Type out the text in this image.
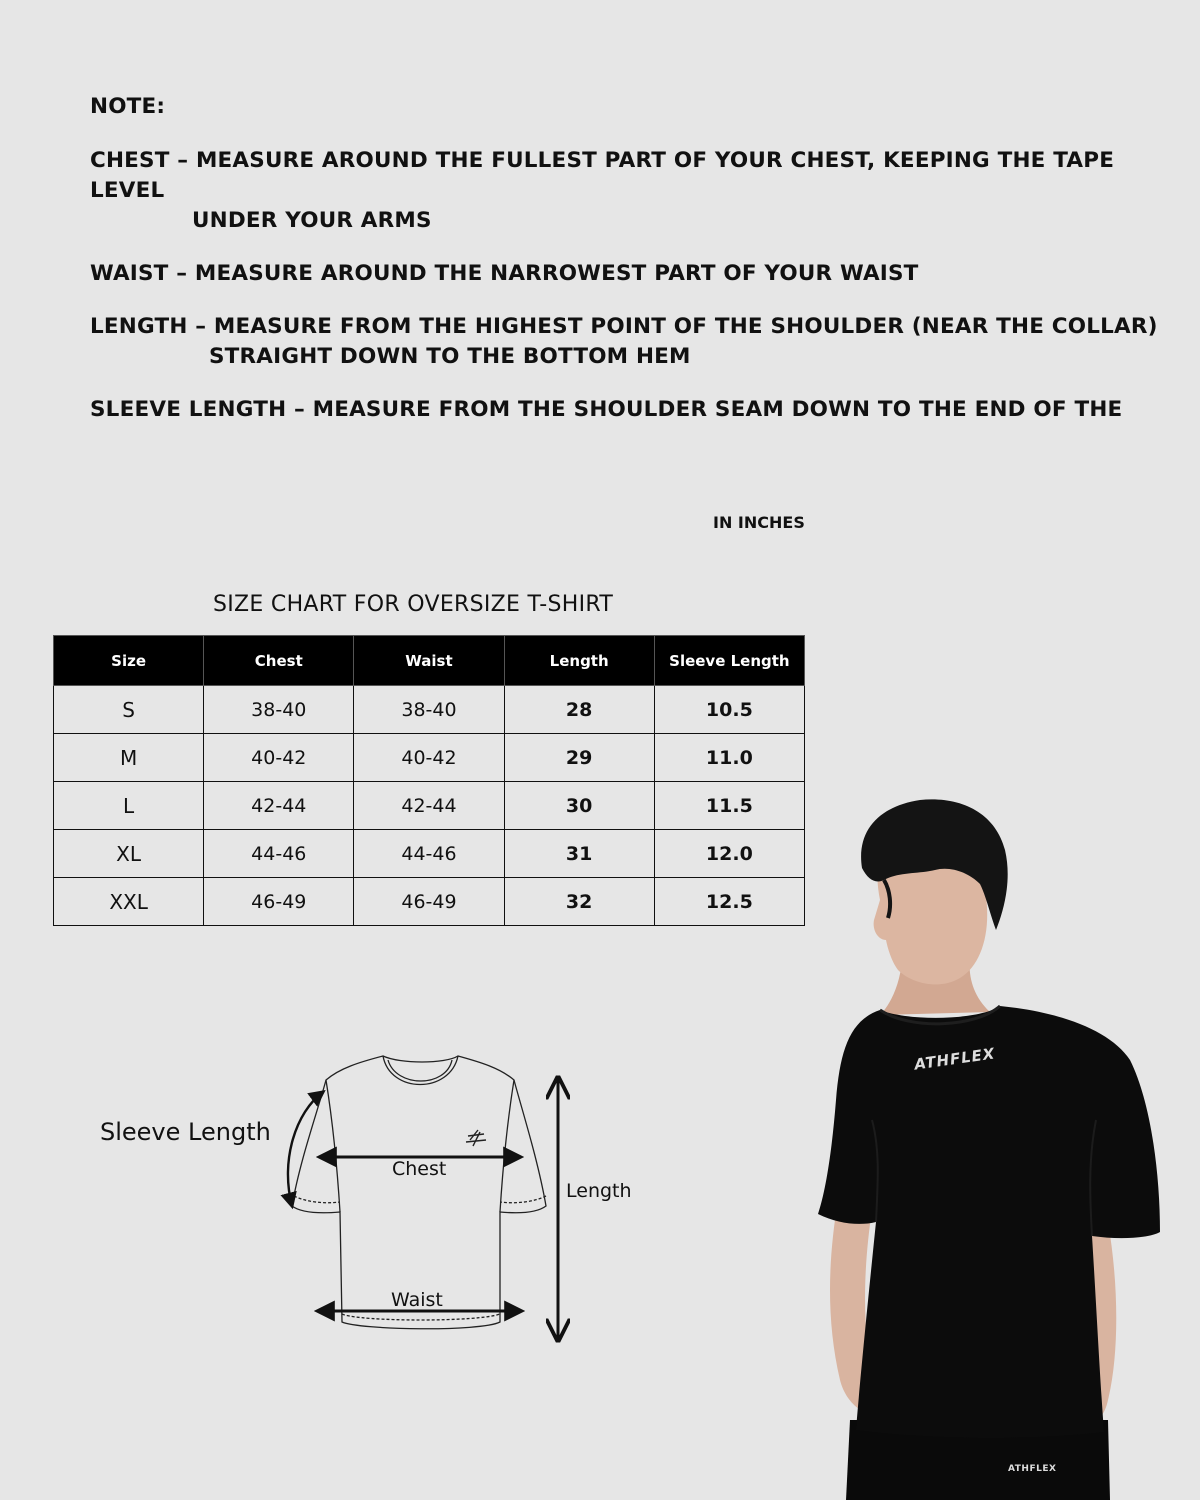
NOTE:
CHEST – MEASURE AROUND THE FULLEST PART OF YOUR CHEST, KEEPING THE TAPE LEVEL
UNDER YOUR ARMS
WAIST – MEASURE AROUND THE NARROWEST PART OF YOUR WAIST
LENGTH – MEASURE FROM THE HIGHEST POINT OF THE SHOULDER (NEAR THE COLLAR)
STRAIGHT DOWN TO THE BOTTOM HEM
SLEEVE LENGTH – MEASURE FROM THE SHOULDER SEAM DOWN TO THE END OF THE
IN INCHES
SIZE CHART FOR OVERSIZE T-SHIRT
Size	Chest	Waist	Length	Sleeve Length
S	38-40	38-40	28	10.5
M	40-42	40-42	29	11.0
L	42-44	42-44	30	11.5
XL	44-46	44-46	31	12.0
XXL	46-49	46-49	32	12.5
Sleeve Length
Chest
Waist
Length
ATHFLEX
ATHFLEX
